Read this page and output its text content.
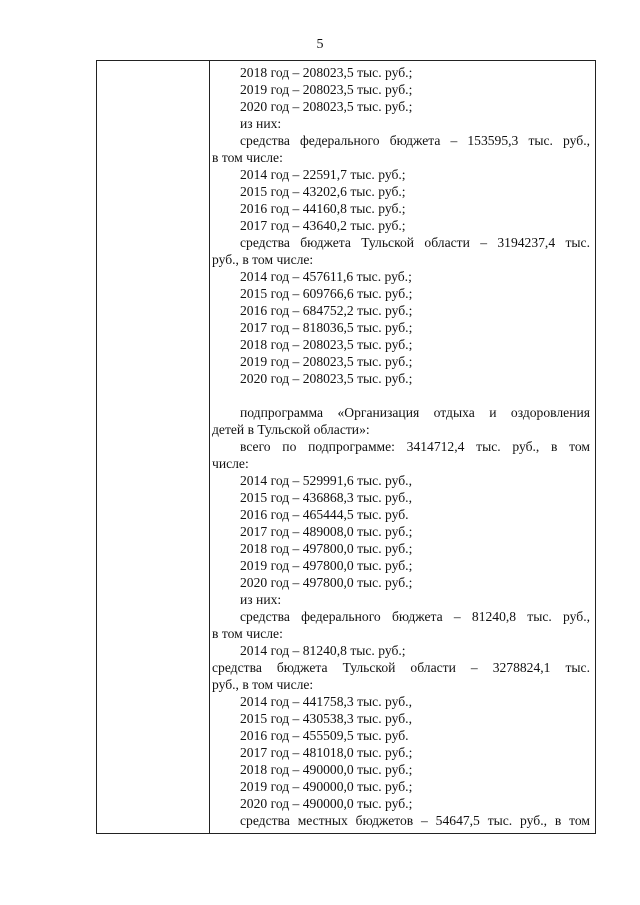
5
2018 год – 208023,5 тыс. руб.;
2019 год – 208023,5 тыс. руб.;
2020 год – 208023,5 тыс. руб.;
из них:
средства федерального бюджета – 153595,3 тыс. руб.,
в том числе:
2014 год – 22591,7 тыс. руб.;
2015 год – 43202,6 тыс. руб.;
2016 год – 44160,8 тыс. руб.;
2017 год – 43640,2 тыс. руб.;
средства бюджета Тульской области – 3194237,4 тыс.
руб., в том числе:
2014 год – 457611,6 тыс. руб.;
2015 год – 609766,6 тыс. руб.;
2016 год – 684752,2 тыс. руб.;
2017 год – 818036,5 тыс. руб.;
2018 год – 208023,5 тыс. руб.;
2019 год – 208023,5 тыс. руб.;
2020 год – 208023,5 тыс. руб.;
подпрограмма «Организация отдыха и оздоровления
детей в Тульской области»:
всего по подпрограмме: 3414712,4 тыс. руб., в том
числе:
2014 год – 529991,6 тыс. руб.,
2015 год – 436868,3 тыс. руб.,
2016 год – 465444,5 тыс. руб.
2017 год – 489008,0 тыс. руб.;
2018 год – 497800,0 тыс. руб.;
2019 год – 497800,0 тыс. руб.;
2020 год – 497800,0 тыс. руб.;
из них:
средства федерального бюджета – 81240,8 тыс. руб.,
в том числе:
2014 год – 81240,8 тыс. руб.;
средства бюджета Тульской области – 3278824,1 тыс.
руб., в том числе:
2014 год – 441758,3 тыс. руб.,
2015 год – 430538,3 тыс. руб.,
2016 год – 455509,5 тыс. руб.
2017 год – 481018,0 тыс. руб.;
2018 год – 490000,0 тыс. руб.;
2019 год – 490000,0 тыс. руб.;
2020 год – 490000,0 тыс. руб.;
средства местных бюджетов – 54647,5 тыс. руб., в том
